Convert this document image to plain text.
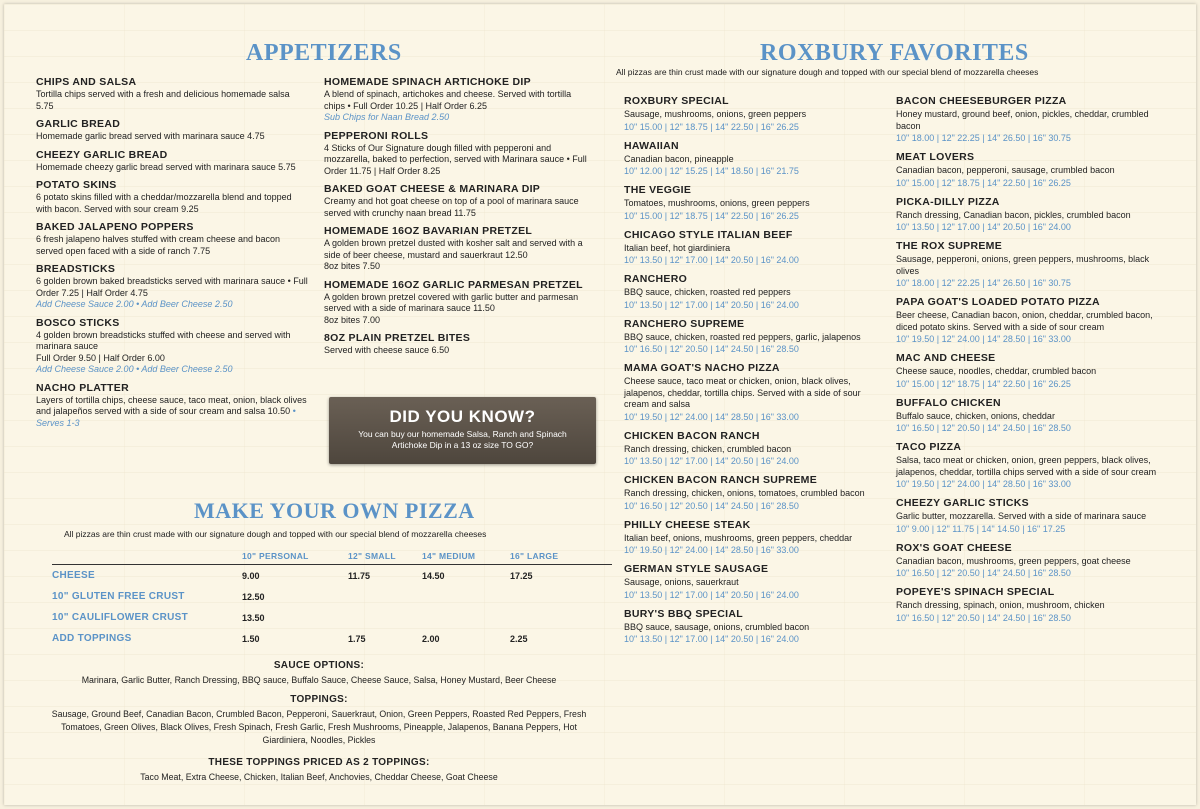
APPETIZERS
CHIPS AND SALSA
Tortilla chips served with a fresh and delicious homemade salsa 5.75
GARLIC BREAD
Homemade garlic bread served with marinara sauce 4.75
CHEEZY GARLIC BREAD
Homemade cheezy garlic bread served with marinara sauce 5.75
POTATO SKINS
6 potato skins filled with a cheddar/mozzarella blend and topped with bacon. Served with sour cream 9.25
BAKED JALAPENO POPPERS
6 fresh jalapeno halves stuffed with cream cheese and bacon served open faced with a side of ranch 7.75
BREADSTICKS
6 golden brown baked breadsticks served with marinara sauce • Full Order 7.25 | Half Order 4.75
Add Cheese Sauce 2.00 • Add Beer Cheese 2.50
BOSCO STICKS
4 golden brown breadsticks stuffed with cheese and served with marinara sauce
Full Order 9.50 | Half Order 6.00
Add Cheese Sauce 2.00 • Add Beer Cheese 2.50
NACHO PLATTER
Layers of tortilla chips, cheese sauce, taco meat, onion, black olives and jalapeños served with a side of sour cream and salsa 10.50 • Serves 1-3
HOMEMADE SPINACH ARTICHOKE DIP
A blend of spinach, artichokes and cheese. Served with tortilla chips • Full Order 10.25 | Half Order 6.25
Sub Chips for Naan Bread 2.50
PEPPERONI ROLLS
4 Sticks of Our Signature dough filled with pepperoni and mozzarella, baked to perfection, served with Marinara sauce • Full Order 11.75 | Half Order 8.25
BAKED GOAT CHEESE & MARINARA DIP
Creamy and hot goat cheese on top of a pool of marinara sauce served with crunchy naan bread 11.75
HOMEMADE 16OZ BAVARIAN PRETZEL
A golden brown pretzel dusted with kosher salt and served with a side of beer cheese, mustard and sauerkraut 12.50
8oz bites 7.50
HOMEMADE 16OZ GARLIC PARMESAN PRETZEL
A golden brown pretzel covered with garlic butter and parmesan served with a side of marinara sauce 11.50
8oz bites 7.00
8OZ PLAIN PRETZEL BITES
Served with cheese sauce 6.50
DID YOU KNOW?
You can buy our homemade Salsa, Ranch and Spinach Artichoke Dip in a 13 oz size TO GO?
MAKE YOUR OWN PIZZA
All pizzas are thin crust made with our signature dough and topped with our special blend of mozzarella cheeses
	10" PERSONAL	12" SMALL	14" MEDIUM	16" LARGE
CHEESE	9.00	11.75	14.50	17.25
10" GLUTEN FREE CRUST	12.50			
10" CAULIFLOWER CRUST	13.50			
ADD TOPPINGS	1.50	1.75	2.00	2.25
SAUCE OPTIONS:
Marinara, Garlic Butter, Ranch Dressing, BBQ sauce, Buffalo Sauce, Cheese Sauce, Salsa, Honey Mustard, Beer Cheese
TOPPINGS:
Sausage, Ground Beef, Canadian Bacon, Crumbled Bacon, Pepperoni, Sauerkraut, Onion, Green Peppers, Roasted Red Peppers, Fresh Tomatoes, Green Olives, Black Olives, Fresh Spinach, Fresh Garlic, Fresh Mushrooms, Pineapple, Jalapenos, Banana Peppers, Hot Giardiniera, Noodles, Pickles
THESE TOPPINGS PRICED AS 2 TOPPINGS:
Taco Meat, Extra Cheese, Chicken, Italian Beef, Anchovies, Cheddar Cheese, Goat Cheese
ROXBURY FAVORITES
All pizzas are thin crust made with our signature dough and topped with our special blend of mozzarella cheeses
ROXBURY SPECIAL
Sausage, mushrooms, onions, green peppers
10" 15.00 | 12" 18.75 | 14" 22.50 | 16" 26.25
HAWAIIAN
Canadian bacon, pineapple
10" 12.00 | 12" 15.25 | 14" 18.50 | 16" 21.75
THE VEGGIE
Tomatoes, mushrooms, onions, green peppers
10" 15.00 | 12" 18.75 | 14" 22.50 | 16" 26.25
CHICAGO STYLE ITALIAN BEEF
Italian beef, hot giardiniera
10" 13.50 | 12" 17.00 | 14" 20.50 | 16" 24.00
RANCHERO
BBQ sauce, chicken, roasted red peppers
10" 13.50 | 12" 17.00 | 14" 20.50 | 16" 24.00
RANCHERO SUPREME
BBQ sauce, chicken, roasted red peppers, garlic, jalapenos
10" 16.50 | 12" 20.50 | 14" 24.50 | 16" 28.50
MAMA GOAT'S NACHO PIZZA
Cheese sauce, taco meat or chicken, onion, black olives, jalapenos, cheddar, tortilla chips. Served with a side of sour cream and salsa
10" 19.50 | 12" 24.00 | 14" 28.50 | 16" 33.00
CHICKEN BACON RANCH
Ranch dressing, chicken, crumbled bacon
10" 13.50 | 12" 17.00 | 14" 20.50 | 16" 24.00
CHICKEN BACON RANCH SUPREME
Ranch dressing, chicken, onions, tomatoes, crumbled bacon
10" 16.50 | 12" 20.50 | 14" 24.50 | 16" 28.50
PHILLY CHEESE STEAK
Italian beef, onions, mushrooms, green peppers, cheddar
10" 19.50 | 12" 24.00 | 14" 28.50 | 16" 33.00
GERMAN STYLE SAUSAGE
Sausage, onions, sauerkraut
10" 13.50 | 12" 17.00 | 14" 20.50 | 16" 24.00
BURY'S BBQ SPECIAL
BBQ sauce, sausage, onions, crumbled bacon
10" 13.50 | 12" 17.00 | 14" 20.50 | 16" 24.00
BACON CHEESEBURGER PIZZA
Honey mustard, ground beef, onion, pickles, cheddar, crumbled bacon
10" 18.00 | 12" 22.25 | 14" 26.50 | 16" 30.75
MEAT LOVERS
Canadian bacon, pepperoni, sausage, crumbled bacon
10" 15.00 | 12" 18.75 | 14" 22.50 | 16" 26.25
PICKA-DILLY PIZZA
Ranch dressing, Canadian bacon, pickles, crumbled bacon
10" 13.50 | 12" 17.00 | 14" 20.50 | 16" 24.00
THE ROX SUPREME
Sausage, pepperoni, onions, green peppers, mushrooms, black olives
10" 18.00 | 12" 22.25 | 14" 26.50 | 16" 30.75
PAPA GOAT'S LOADED POTATO PIZZA
Beer cheese, Canadian bacon, onion, cheddar, crumbled bacon, diced potato skins. Served with a side of sour cream
10" 19.50 | 12" 24.00 | 14" 28.50 | 16" 33.00
MAC AND CHEESE
Cheese sauce, noodles, cheddar, crumbled bacon
10" 15.00 | 12" 18.75 | 14" 22.50 | 16" 26.25
BUFFALO CHICKEN
Buffalo sauce, chicken, onions, cheddar
10" 16.50 | 12" 20.50 | 14" 24.50 | 16" 28.50
TACO PIZZA
Salsa, taco meat or chicken, onion, green peppers, black olives, jalapenos, cheddar, tortilla chips served with a side of sour cream
10" 19.50 | 12" 24.00 | 14" 28.50 | 16" 33.00
CHEEZY GARLIC STICKS
Garlic butter, mozzarella. Served with a side of marinara sauce
10" 9.00 | 12" 11.75 | 14" 14.50 | 16" 17.25
ROX'S GOAT CHEESE
Canadian bacon, mushrooms, green peppers, goat cheese
10" 16.50 | 12" 20.50 | 14" 24.50 | 16" 28.50
POPEYE'S SPINACH SPECIAL
Ranch dressing, spinach, onion, mushroom, chicken
10" 16.50 | 12" 20.50 | 14" 24.50 | 16" 28.50
